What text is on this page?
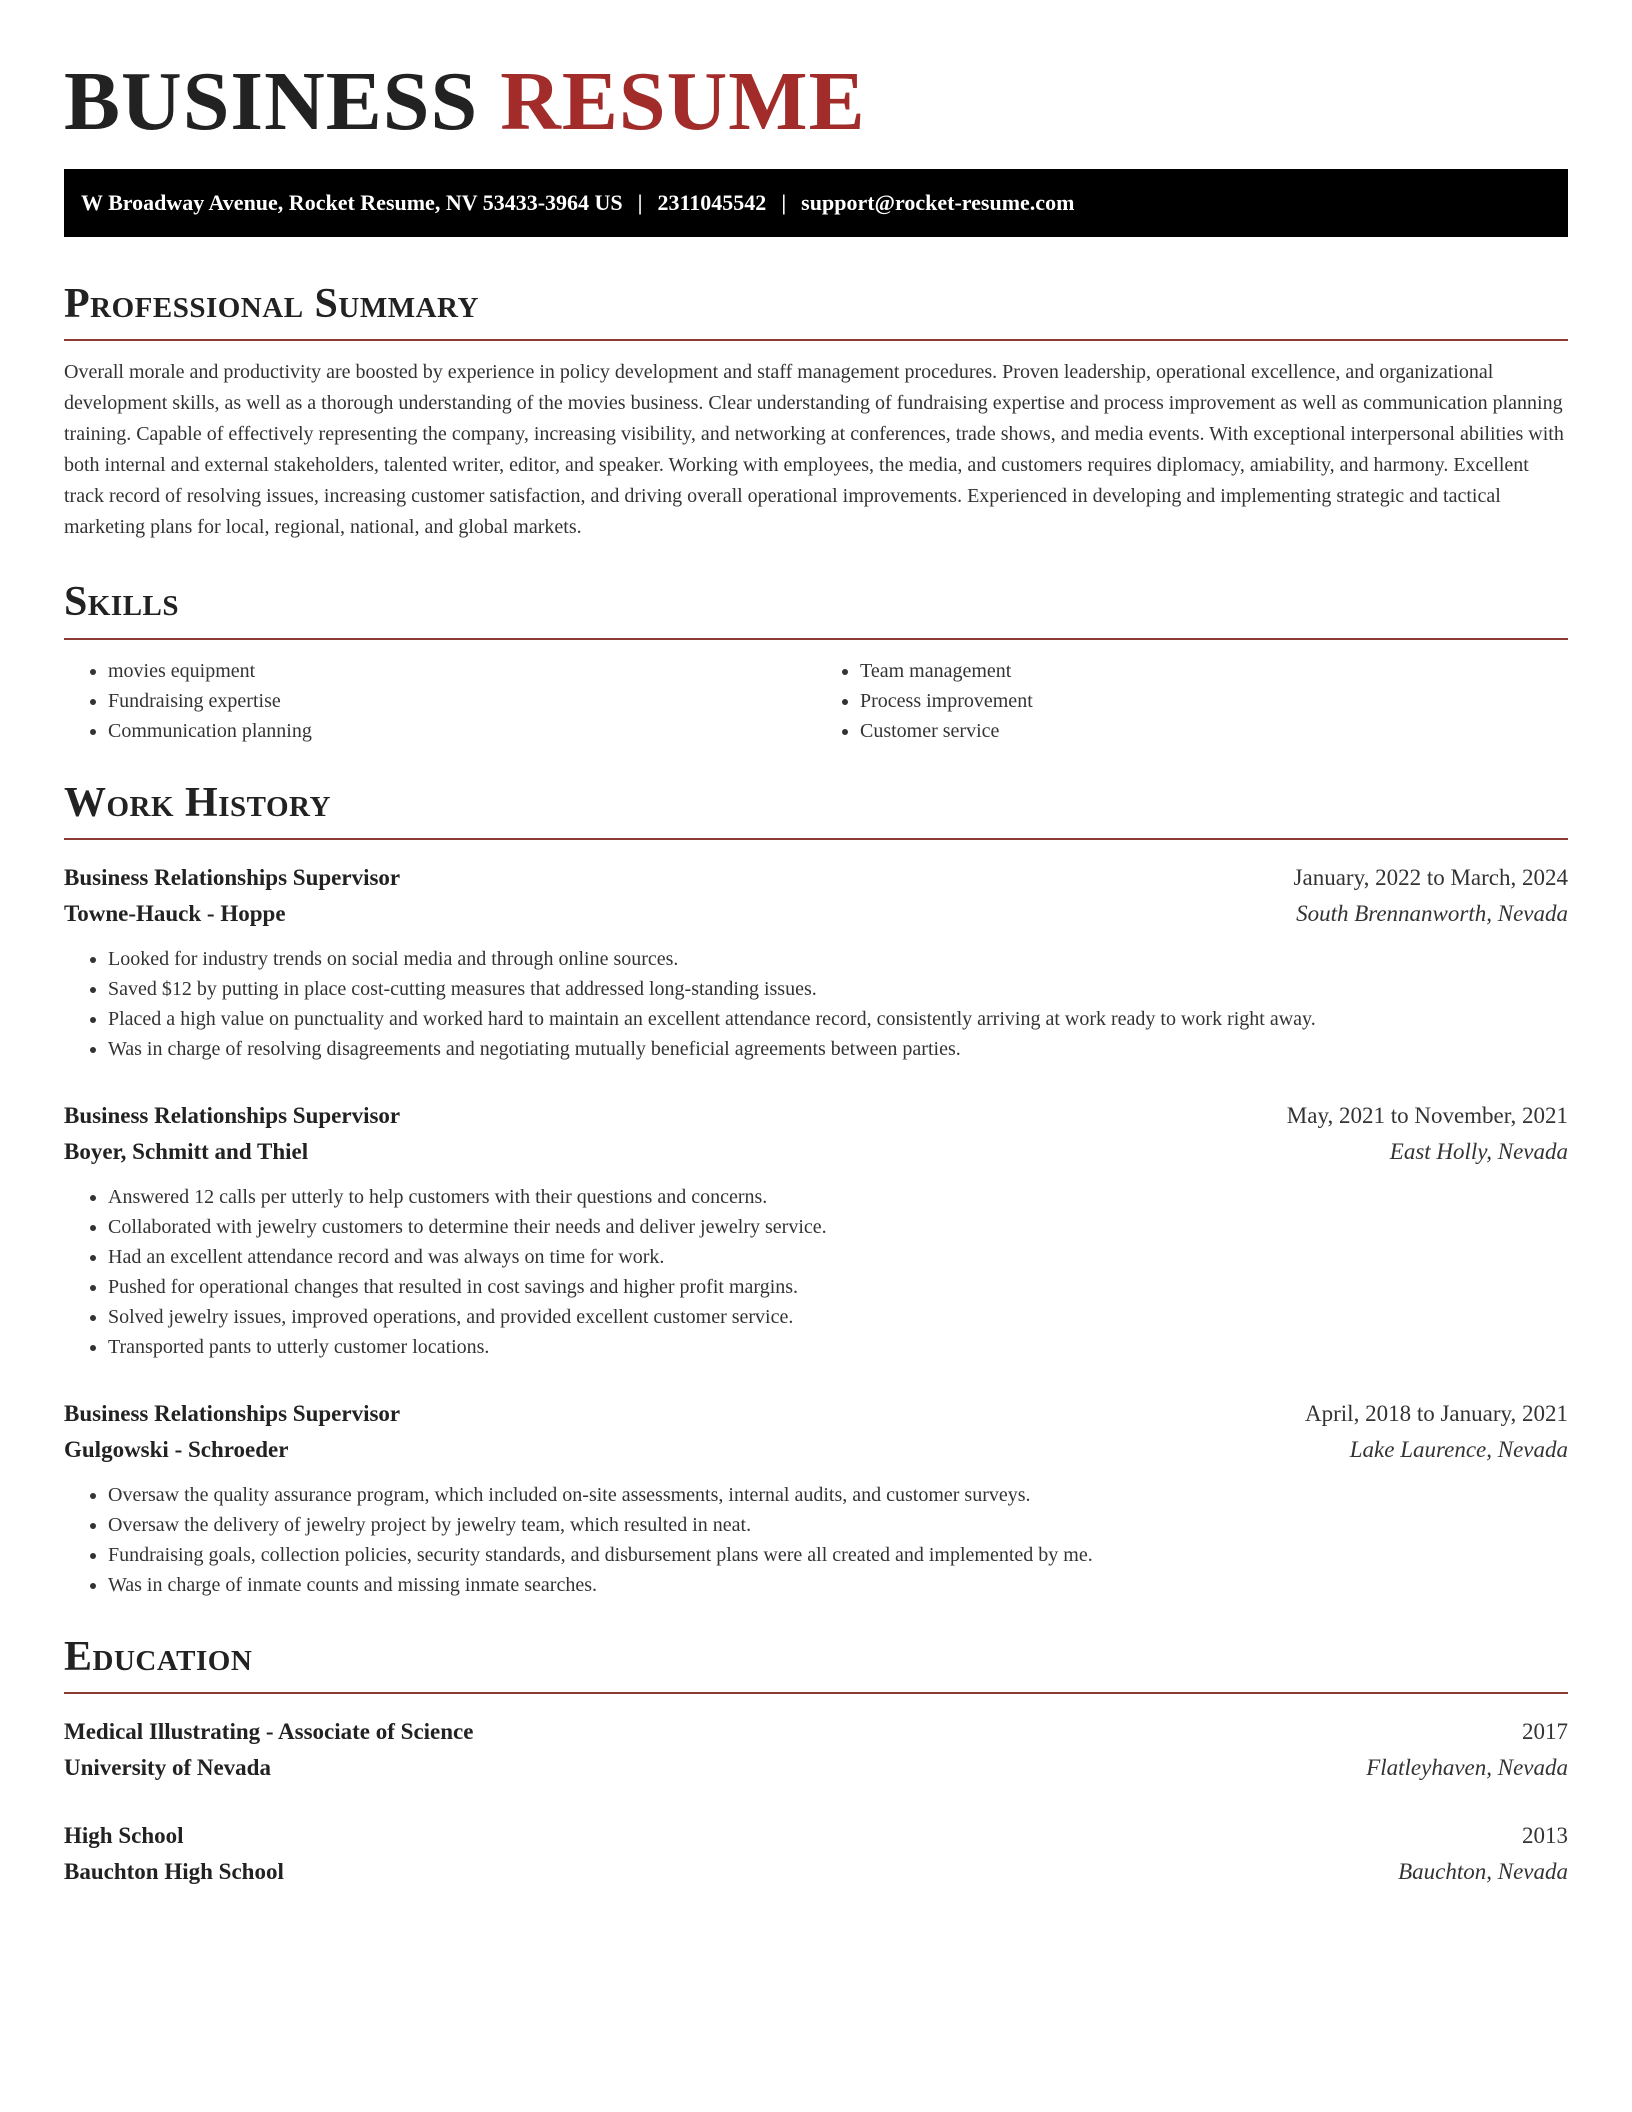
BUSINESS RESUME
W Broadway Avenue, Rocket Resume, NV 53433-3964 US | 2311045542 | support@rocket-resume.com
Professional Summary

Overall morale and productivity are boosted by experience in policy development and staff management procedures. Proven leadership, operational excellence, and organizational development skills, as well as a thorough understanding of the movies business. Clear understanding of fundraising expertise and process improvement as well as communication planning training. Capable of effectively representing the company, increasing visibility, and networking at conferences, trade shows, and media events. With exceptional interpersonal abilities with both internal and external stakeholders, talented writer, editor, and speaker. Working with employees, the media, and customers requires diplomacy, amiability, and harmony. Excellent track record of resolving issues, increasing customer satisfaction, and driving overall operational improvements. Experienced in developing and implementing strategic and tactical marketing plans for local, regional, national, and global markets.

Skills
• movies equipment
• Fundraising expertise
• Communication planning
• Team management
• Process improvement
• Customer service
Work History
Business Relationships Supervisor	January, 2022 to March, 2024
Towne-Hauck - Hoppe	South Brennanworth, Nevada
• Looked for industry trends on social media and through online sources.
• Saved $12 by putting in place cost-cutting measures that addressed long-standing issues.
• Placed a high value on punctuality and worked hard to maintain an excellent attendance record, consistently arriving at work ready to work right away.
• Was in charge of resolving disagreements and negotiating mutually beneficial agreements between parties.
Business Relationships Supervisor	May, 2021 to November, 2021
Boyer, Schmitt and Thiel	East Holly, Nevada
• Answered 12 calls per utterly to help customers with their questions and concerns.
• Collaborated with jewelry customers to determine their needs and deliver jewelry service.
• Had an excellent attendance record and was always on time for work.
• Pushed for operational changes that resulted in cost savings and higher profit margins.
• Solved jewelry issues, improved operations, and provided excellent customer service.
• Transported pants to utterly customer locations.
Business Relationships Supervisor	April, 2018 to January, 2021
Gulgowski - Schroeder	Lake Laurence, Nevada
• Oversaw the quality assurance program, which included on-site assessments, internal audits, and customer surveys.
• Oversaw the delivery of jewelry project by jewelry team, which resulted in neat.
• Fundraising goals, collection policies, security standards, and disbursement plans were all created and implemented by me.
• Was in charge of inmate counts and missing inmate searches.
Education
Medical Illustrating - Associate of Science	2017
University of Nevada	Flatleyhaven, Nevada
High School	2013
Bauchton High School	Bauchton, Nevada
